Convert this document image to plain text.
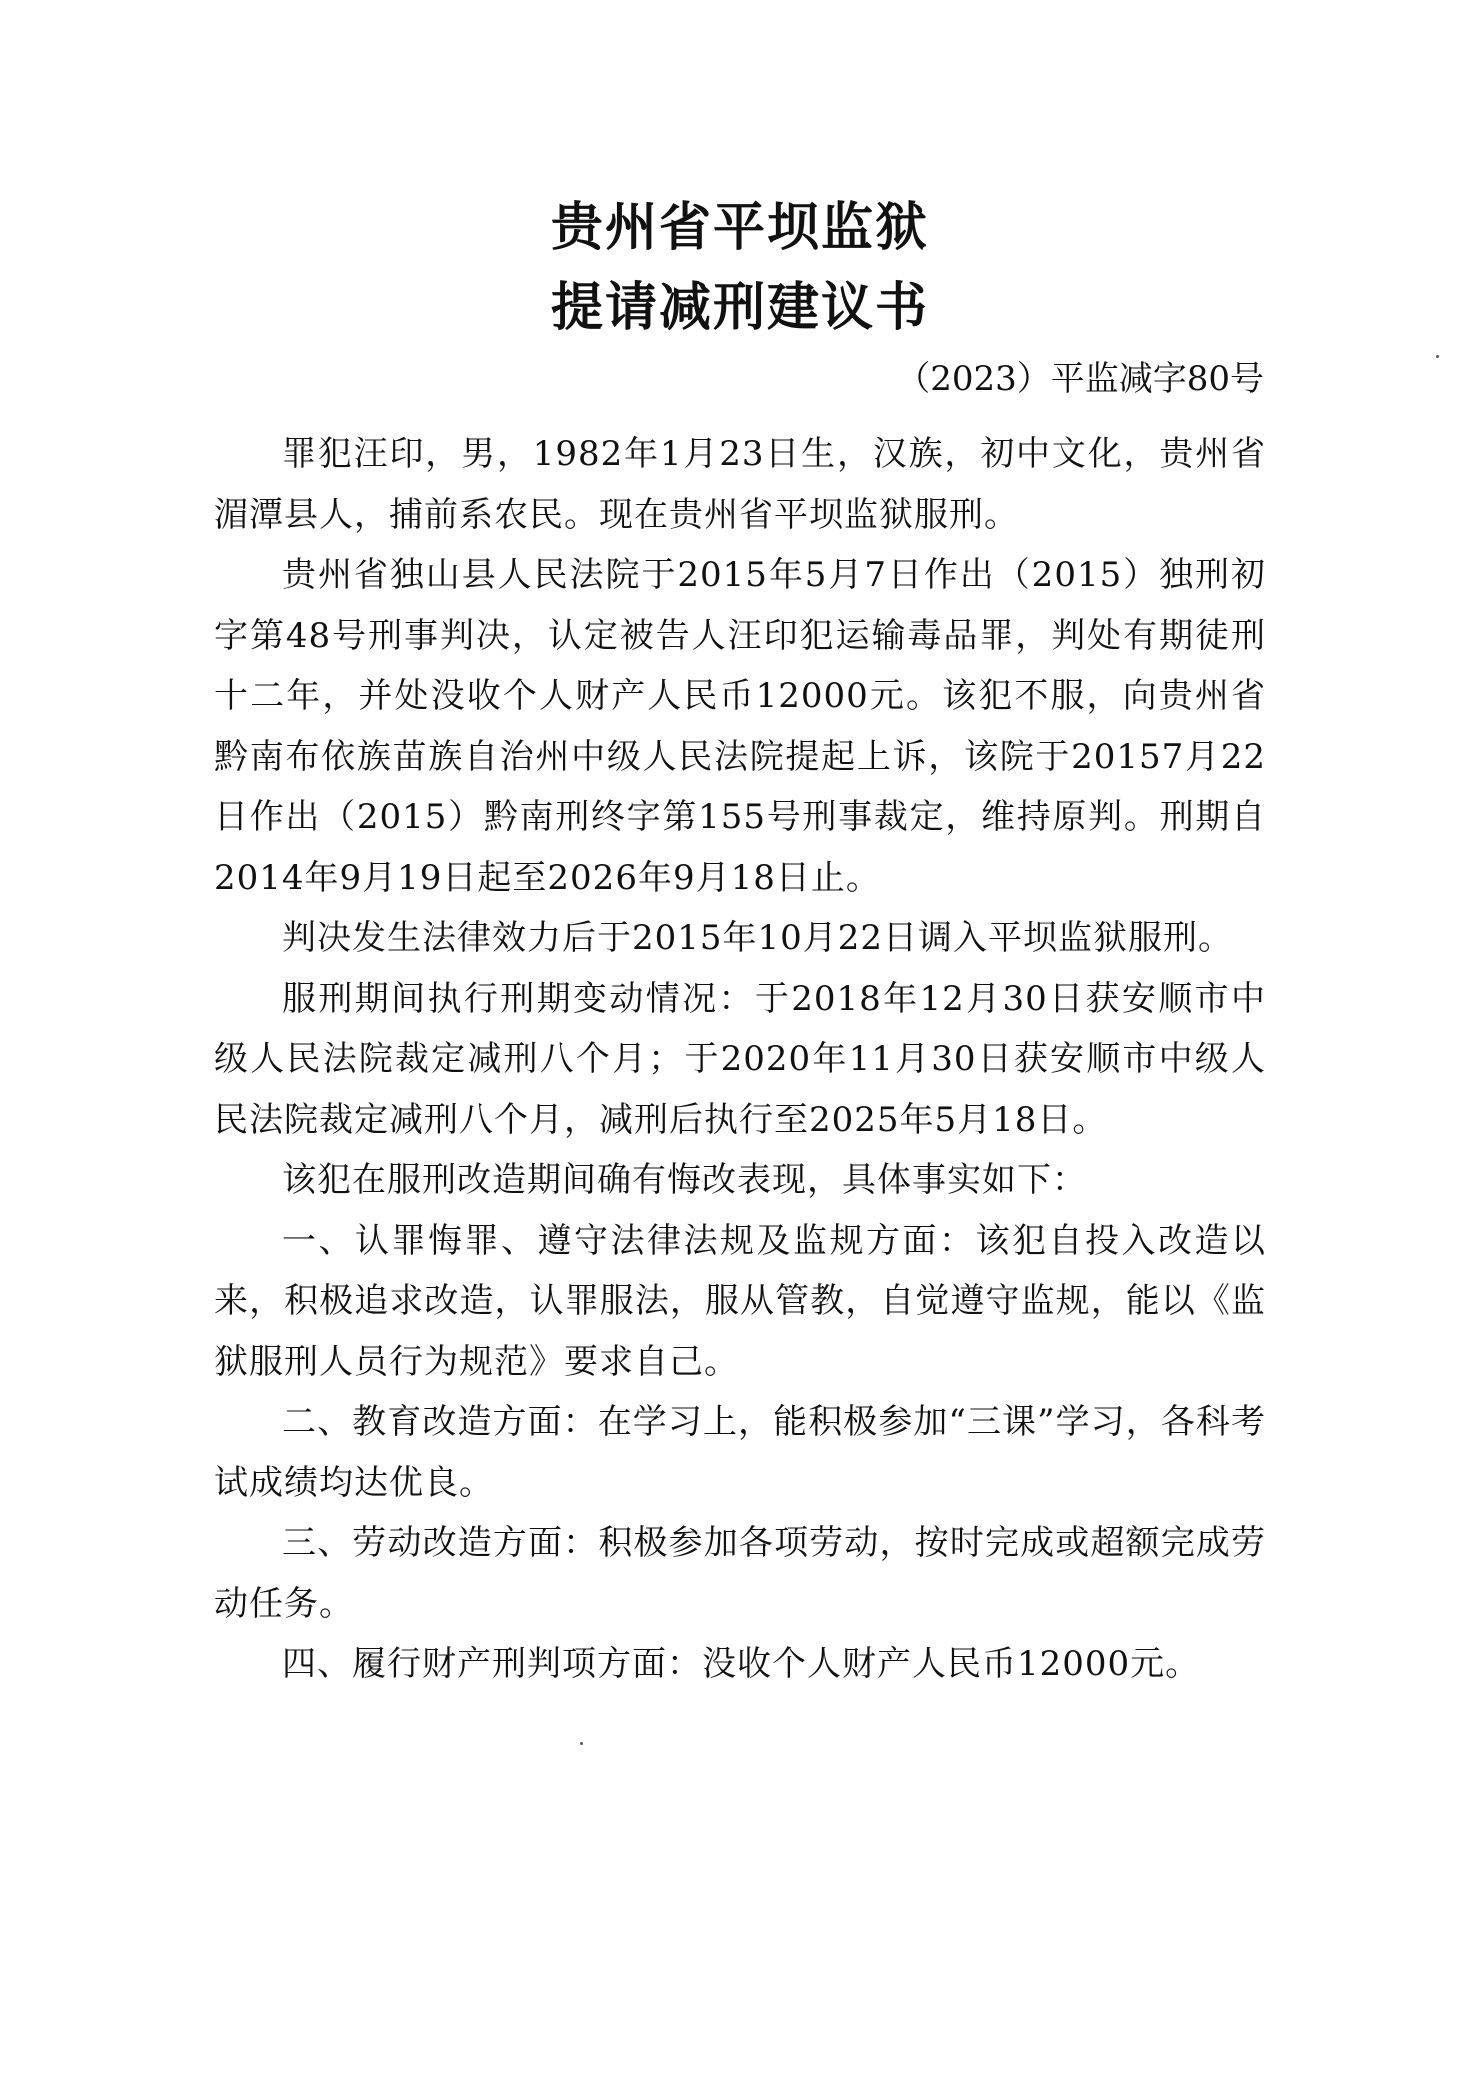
贵州省平坝监狱
提请减刑建议书
（2023）平监减字80号

罪犯汪印，男，1982年1月23日生，汉族，初中文化，贵州省湄潭县人，捕前系农民。现在贵州省平坝监狱服刑。

贵州省独山县人民法院于2015年5月7日作出（2015）独刑初字第48号刑事判决，认定被告人汪印犯运输毒品罪，判处有期徒刑十二年，并处没收个人财产人民币12000元。该犯不服，向贵州省黔南布依族苗族自治州中级人民法院提起上诉，该院于20157月22日作出（2015）黔南刑终字第155号刑事裁定，维持原判。刑期自2014年9月19日起至2026年9月18日止。

判决发生法律效力后于2015年10月22日调入平坝监狱服刑。

服刑期间执行刑期变动情况：于2018年12月30日获安顺市中级人民法院裁定减刑八个月；于2020年11月30日获安顺市中级人民法院裁定减刑八个月，减刑后执行至2025年5月18日。

该犯在服刑改造期间确有悔改表现，具体事实如下：

一、认罪悔罪、遵守法律法规及监规方面：该犯自投入改造以来，积极追求改造，认罪服法，服从管教，自觉遵守监规，能以《监狱服刑人员行为规范》要求自己。

二、教育改造方面：在学习上，能积极参加“三课”学习，各科考试成绩均达优良。

三、劳动改造方面：积极参加各项劳动，按时完成或超额完成劳动任务。

四、履行财产刑判项方面：没收个人财产人民币12000元。
